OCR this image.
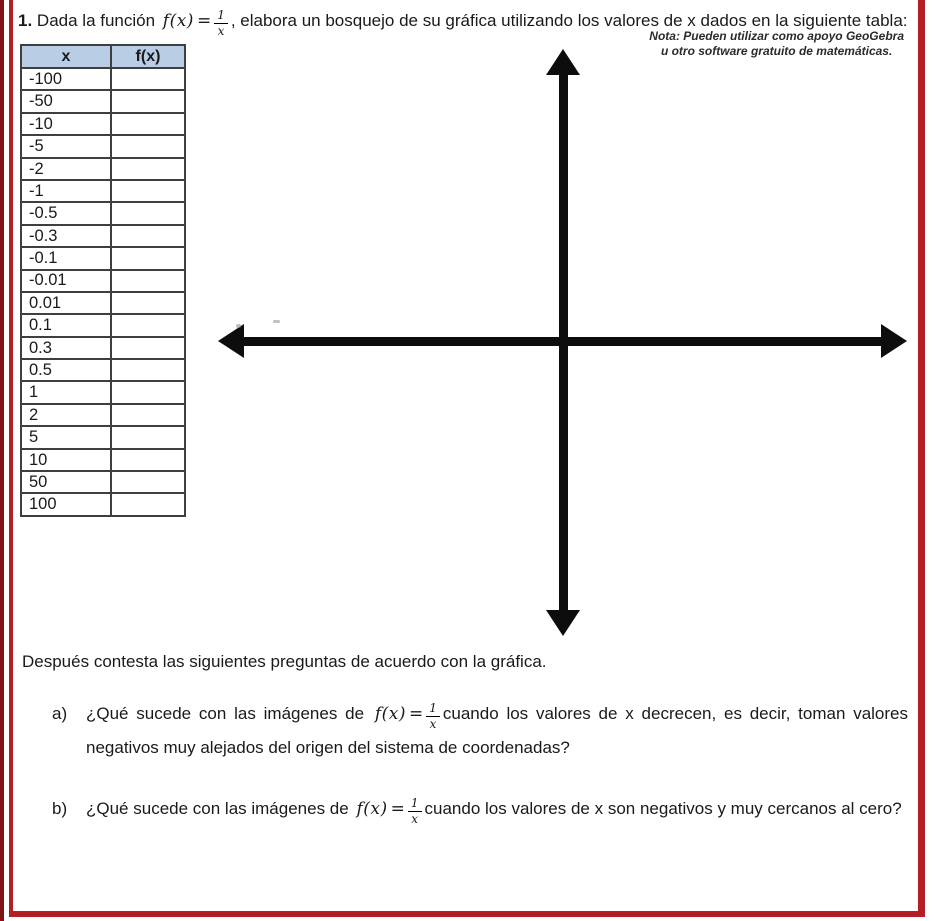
1. Dada la función $f(x) = \frac{1}{x}$ , elabora un bosquejo de su gráfica utilizando los valores de x dados en la siguiente tabla:
Nota: Pueden utilizar como apoyo GeoGebra
u otro software gratuito de matemáticas.
x	f(x)
-100	
-50	
-10	
-5	
-2	
-1	
-0.5	
-0.3	
-0.1	
-0.01	
0.01	
0.1	
0.3	
0.5	
1	
2	
5	
10	
50	
100	
Después contesta las siguientes preguntas de acuerdo con la gráfica.
a)	¿Qué sucede con las imágenes de $f(x) = \frac{1}{x}$ cuando los valores de x decrecen, es decir, toman valores negativos muy alejados del origen del sistema de coordenadas?

b)	¿Qué sucede con las imágenes de $f(x) = \frac{1}{x}$ cuando los valores de x son negativos y muy cercanos al cero?
